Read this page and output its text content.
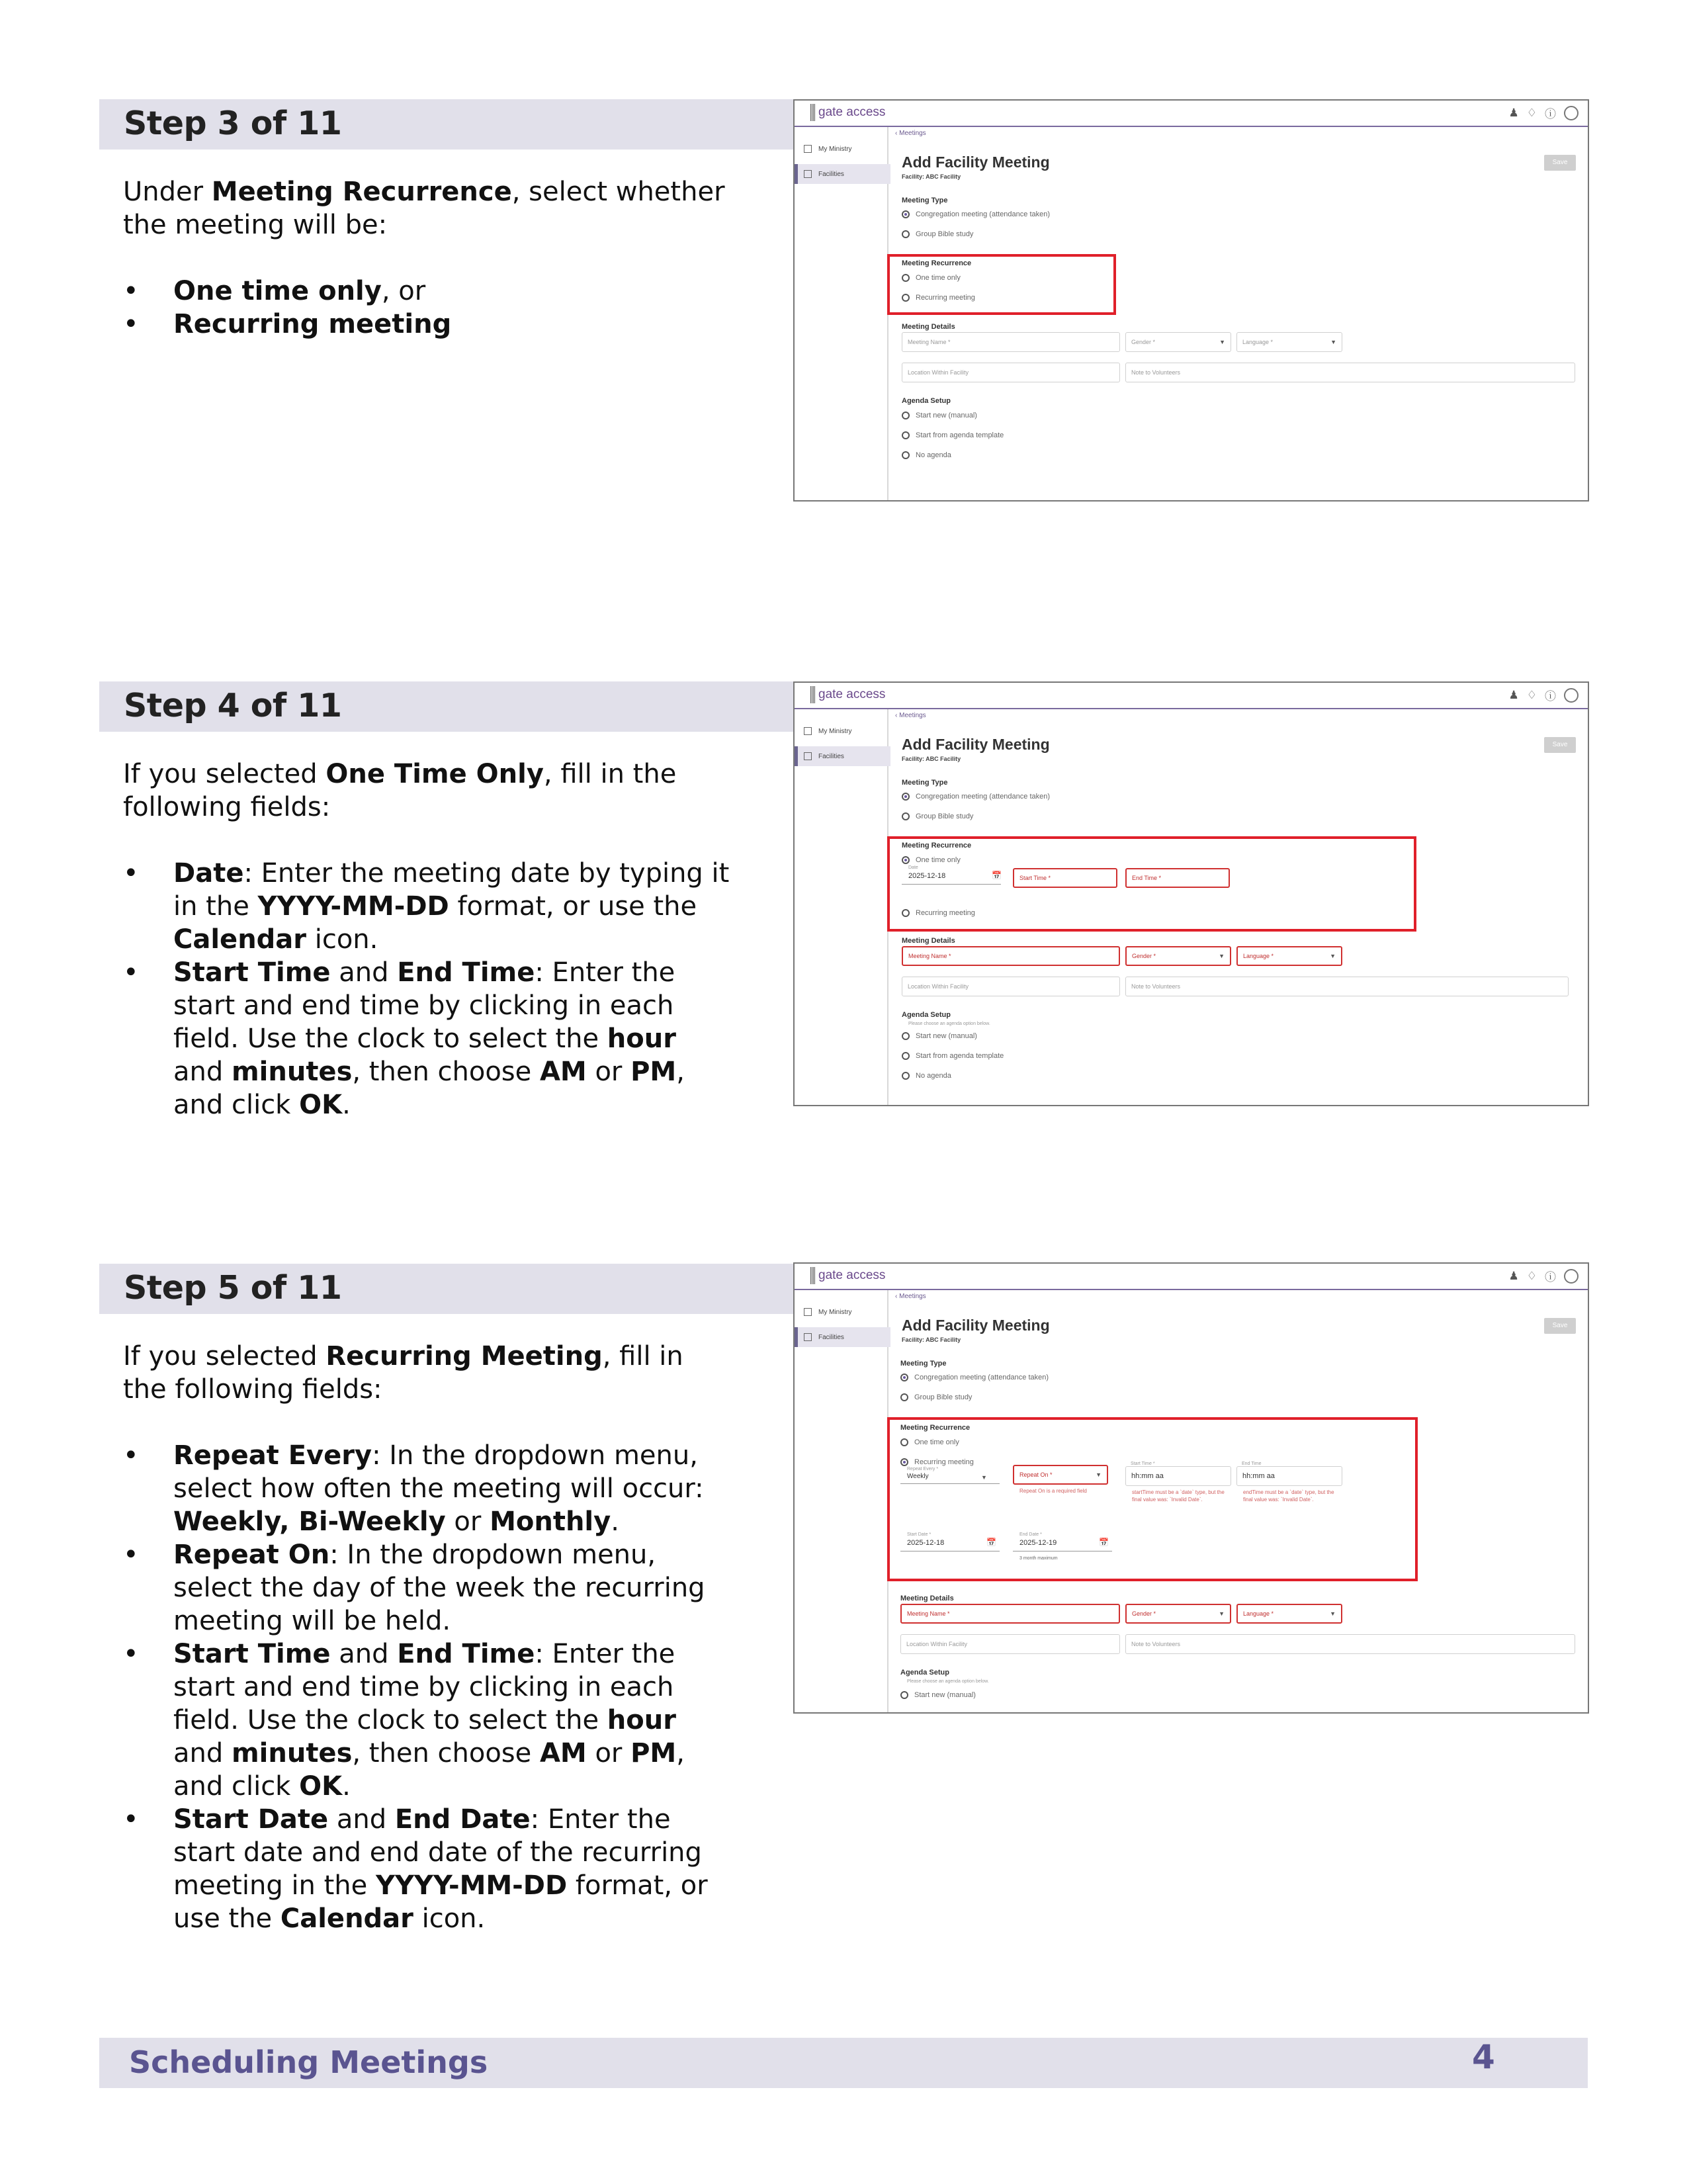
Step 3 of 11

Under Meeting Recurrence, select whether the meeting will be:

• One time only, or
• Recurring meeting
gate access	♟ ♢ ⓘ
My Ministry
Facilities
‹ Meetings
Add Facility Meeting
Facility: ABC Facility
Save
Meeting Type
Congregation meeting (attendance taken)
Group Bible study
Meeting Recurrence
One time only
Recurring meeting
Meeting Details
Meeting Name *	Gender *	▼	Language *	▼
Location Within Facility	Note to Volunteers
Agenda Setup
Start new (manual)
Start from agenda template
No agenda
Step 4 of 11

If you selected One Time Only, fill in the following fields:

• Date: Enter the meeting date by typing it in the YYYY-MM-DD format, or use the Calendar icon.
• Start Time and End Time: Enter the start and end time by clicking in each field. Use the clock to select the hour and minutes, then choose AM or PM, and click OK.
gate access	♟ ♢ ⓘ
My Ministry
Facilities
‹ Meetings
Add Facility Meeting
Facility: ABC Facility
Save
Meeting Type
Congregation meeting (attendance taken)
Group Bible study
Meeting Recurrence
One time only
Date
2025-12-18	📅	Start Time *	End Time *
Recurring meeting
Meeting Details
Meeting Name *	Gender *	▼	Language *	▼
Location Within Facility	Note to Volunteers
Agenda Setup
Please choose an agenda option below.
Start new (manual)
Start from agenda template
No agenda
Step 5 of 11

If you selected Recurring Meeting, fill in the following fields:

• Repeat Every: In the dropdown menu, select how often the meeting will occur: Weekly, Bi-Weekly or Monthly.
• Repeat On: In the dropdown menu, select the day of the week the recurring meeting will be held.
• Start Time and End Time: Enter the start and end time by clicking in each field. Use the clock to select the hour and minutes, then choose AM or PM, and click OK.
• Start Date and End Date: Enter the start date and end date of the recurring meeting in the YYYY-MM-DD format, or use the Calendar icon.
gate access	♟ ♢ ⓘ
My Ministry
Facilities
‹ Meetings
Add Facility Meeting
Facility: ABC Facility
Save
Meeting Type
Congregation meeting (attendance taken)
Group Bible study
Meeting Recurrence
One time only
Recurring meeting
Repeat Every *
Weekly	▼	Repeat On *	▼
Repeat On is a required field
Start Time *
hh:mm aa
startTime must be a `date` type, but the final value was: `Invalid Date`.
End Time
hh:mm aa
endTime must be a `date` type, but the final value was: `Invalid Date`.
Start Date *
2025-12-18	📅
End Date *
2025-12-19	📅
3 month maximum
Meeting Details
Meeting Name *	Gender *	▼	Language *	▼
Location Within Facility	Note to Volunteers
Agenda Setup
Please choose an agenda option below.
Start new (manual)
Scheduling Meetings	4
